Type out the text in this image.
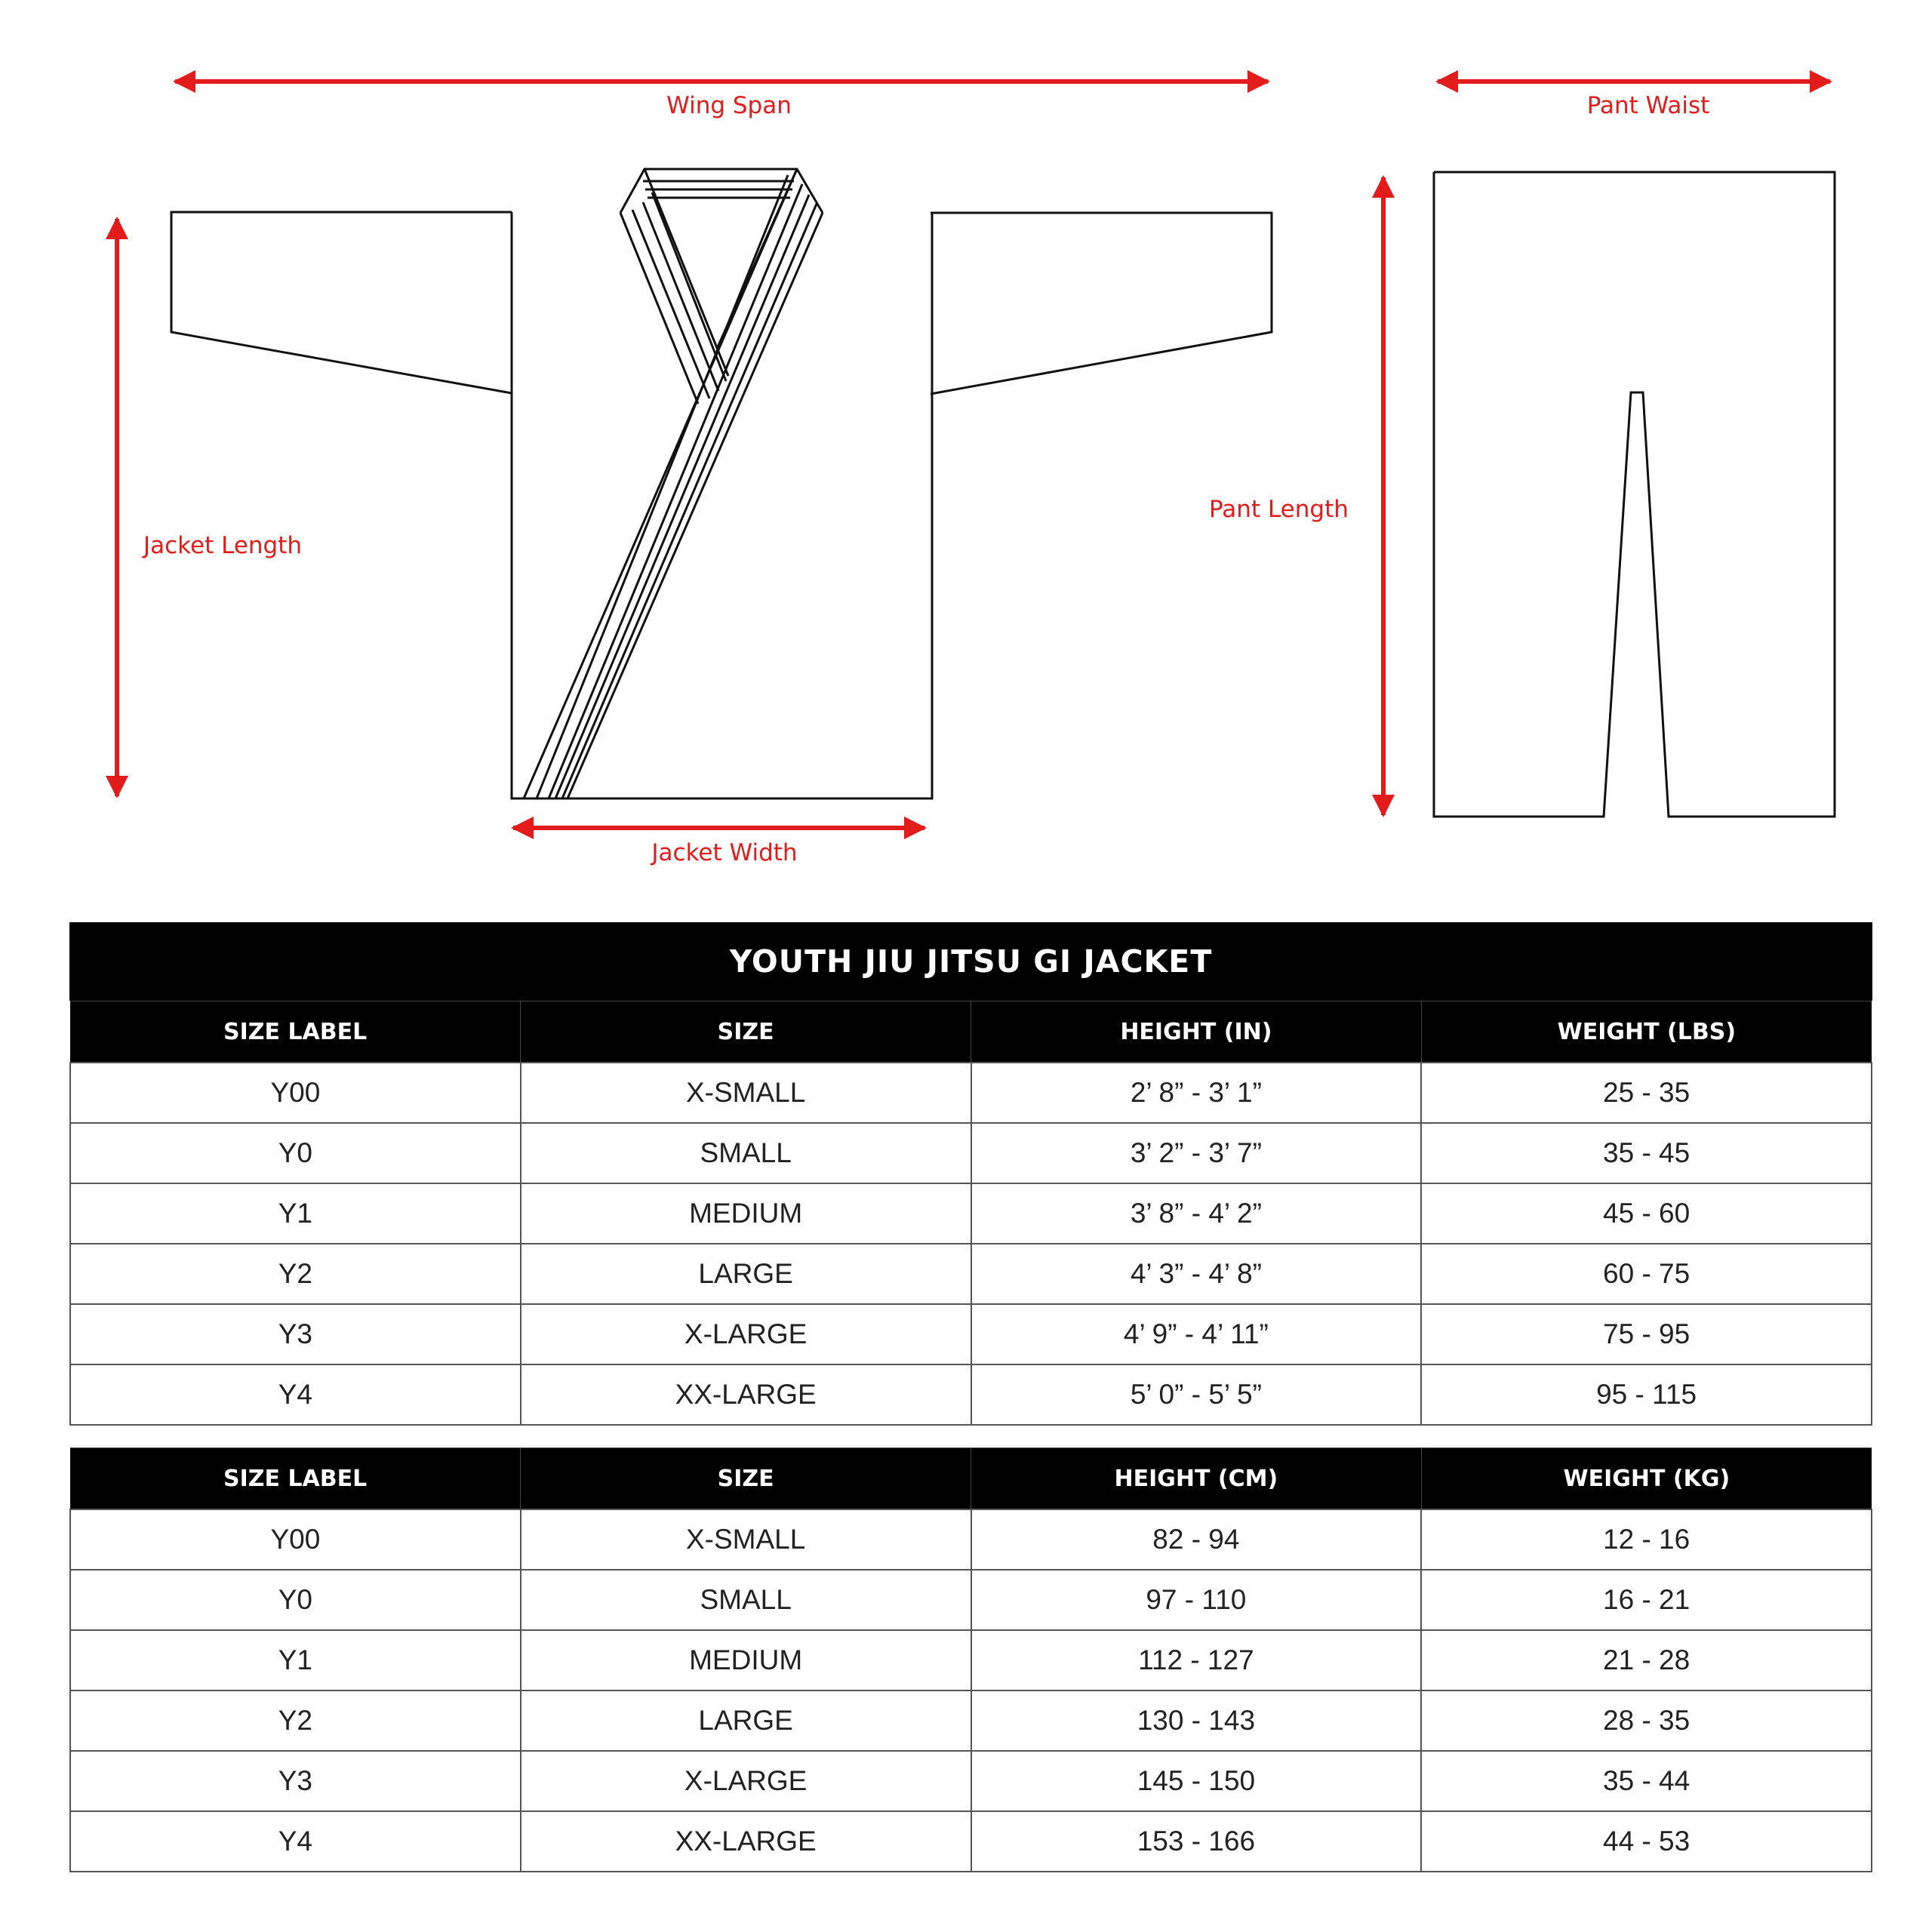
Wing Span	Pant Waist
Jacket Length
Pant Length
Jacket Width
YOUTH JIU JITSU GI JACKET
SIZE LABEL	SIZE	HEIGHT (IN)	WEIGHT (LBS)
Y00	X-SMALL	2’ 8” - 3’ 1”	25 - 35
Y0	SMALL	3’ 2” - 3’ 7”	35 - 45
Y1	MEDIUM	3’ 8” - 4’ 2”	45 - 60
Y2	LARGE	4’ 3” - 4’ 8”	60 - 75
Y3	X-LARGE	4’ 9” - 4’ 11”	75 - 95
Y4	XX-LARGE	5’ 0” - 5’ 5”	95 - 115
SIZE LABEL	SIZE	HEIGHT (CM)	WEIGHT (KG)
Y00	X-SMALL	82 - 94	12 - 16
Y0	SMALL	97 - 110	16 - 21
Y1	MEDIUM	112 - 127	21 - 28
Y2	LARGE	130 - 143	28 - 35
Y3	X-LARGE	145 - 150	35 - 44
Y4	XX-LARGE	153 - 166	44 - 53
